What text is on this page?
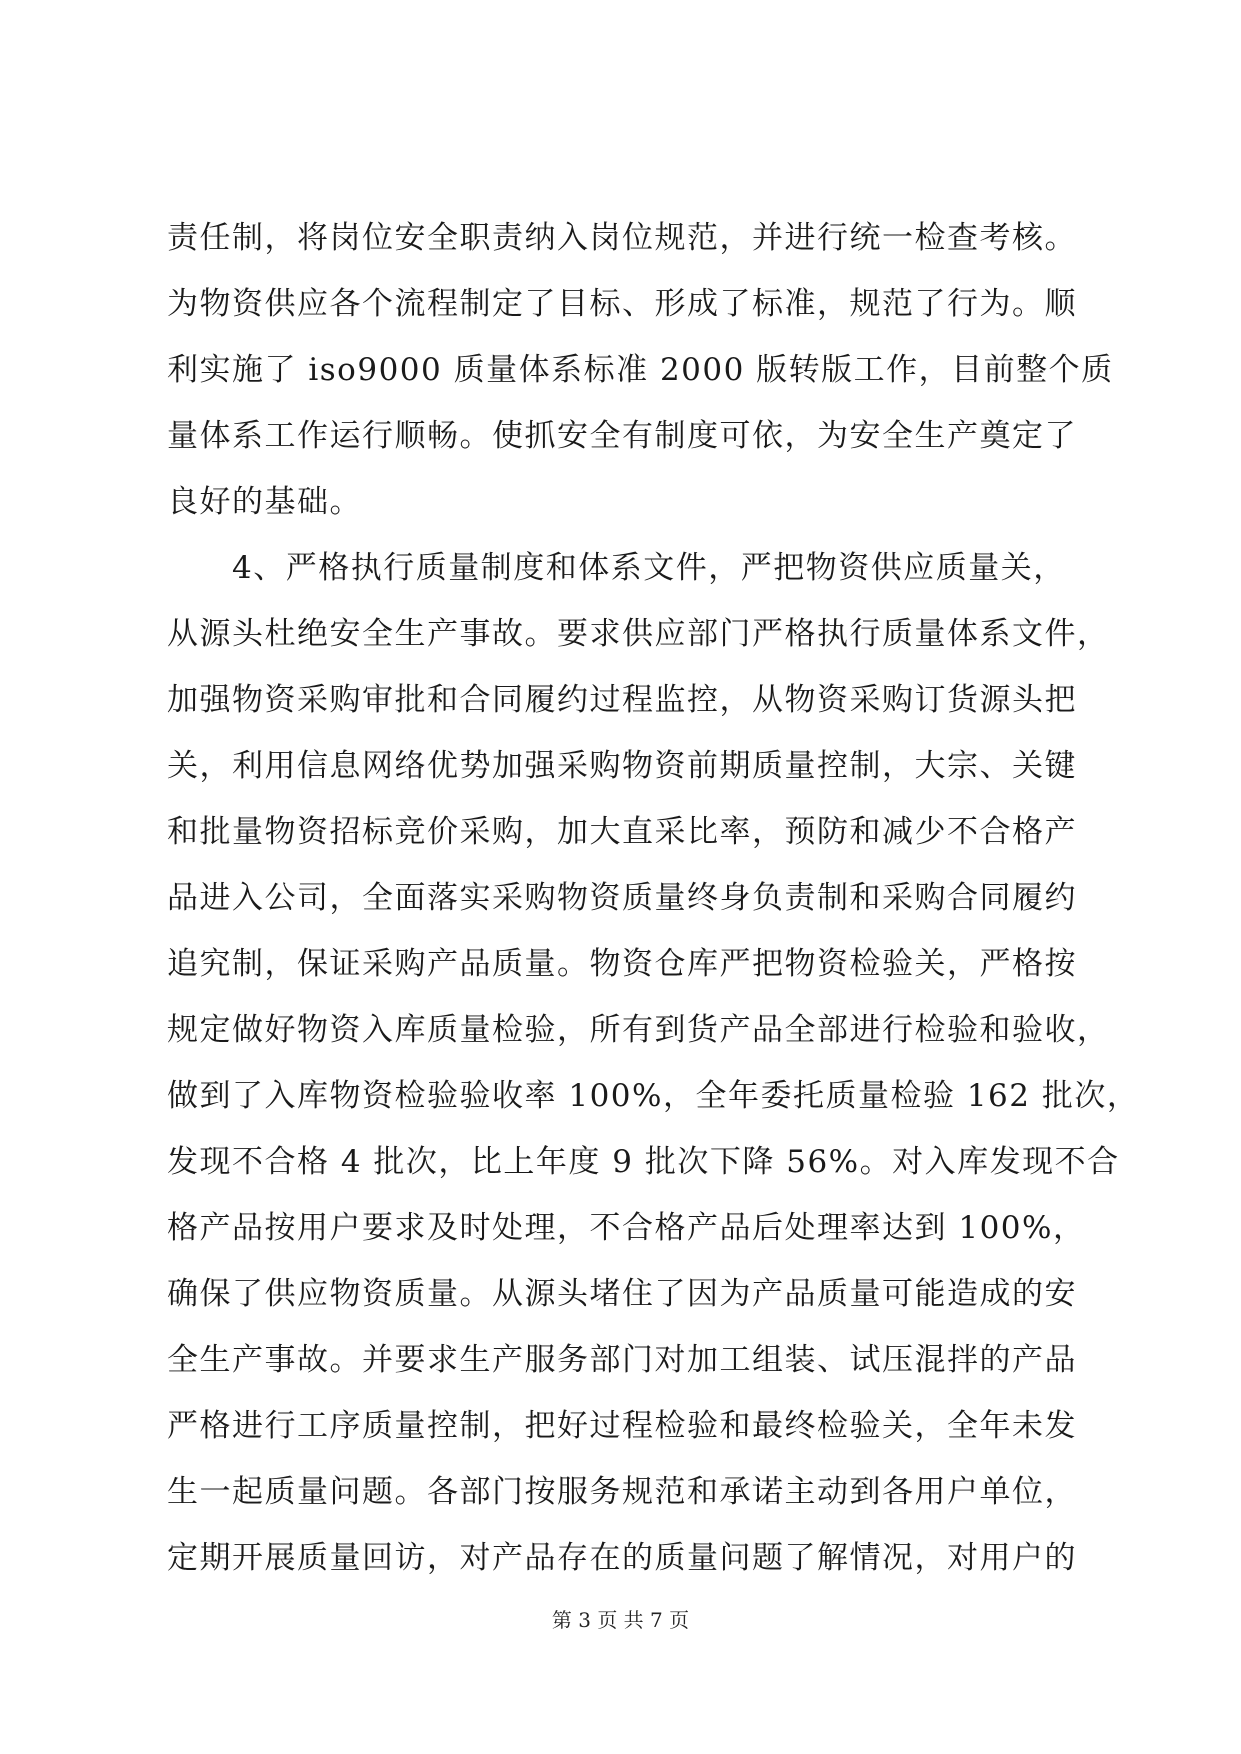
责任制，将岗位安全职责纳入岗位规范，并进行统一检查考核。
为物资供应各个流程制定了目标、形成了标准，规范了行为。顺
利实施了 iso9000 质量体系标准 2000 版转版工作，目前整个质
量体系工作运行顺畅。使抓安全有制度可依，为安全生产奠定了
良好的基础。
　　4、严格执行质量制度和体系文件，严把物资供应质量关，
从源头杜绝安全生产事故。要求供应部门严格执行质量体系文件，
加强物资采购审批和合同履约过程监控，从物资采购订货源头把
关，利用信息网络优势加强采购物资前期质量控制，大宗、关键
和批量物资招标竞价采购，加大直采比率，预防和减少不合格产
品进入公司，全面落实采购物资质量终身负责制和采购合同履约
追究制，保证采购产品质量。物资仓库严把物资检验关，严格按
规定做好物资入库质量检验，所有到货产品全部进行检验和验收，
做到了入库物资检验验收率 100%，全年委托质量检验 162 批次，
发现不合格 4 批次，比上年度 9 批次下降 56%。对入库发现不合
格产品按用户要求及时处理，不合格产品后处理率达到 100%，
确保了供应物资质量。从源头堵住了因为产品质量可能造成的安
全生产事故。并要求生产服务部门对加工组装、试压混拌的产品
严格进行工序质量控制，把好过程检验和最终检验关，全年未发
生一起质量问题。各部门按服务规范和承诺主动到各用户单位，
定期开展质量回访，对产品存在的质量问题了解情况，对用户的
第 3 页 共 7 页
